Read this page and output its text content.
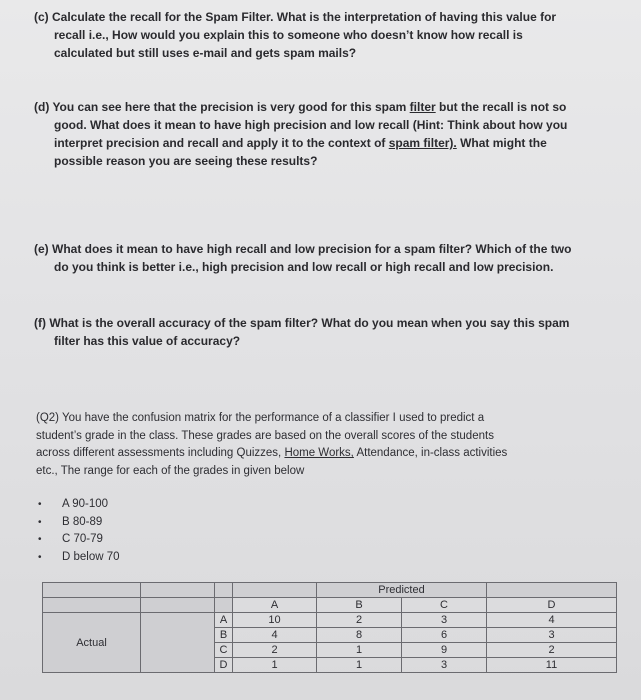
(c) Calculate the recall for the Spam Filter. What is the interpretation of having this value for

recall i.e., How would you explain this to someone who doesn’t know how recall is

calculated but still uses e-mail and gets spam mails?

(d) You can see here that the precision is very good for this spam filter but the recall is not so

good. What does it mean to have high precision and low recall (Hint: Think about how you

interpret precision and recall and apply it to the context of spam filter). What might the

possible reason you are seeing these results?

(e) What does it mean to have high recall and low precision for a spam filter? Which of the two

do you think is better i.e., high precision and low recall or high recall and low precision.

(f) What is the overall accuracy of the spam filter? What do you mean when you say this spam

filter has this value of accuracy?

(Q2) You have the confusion matrix for the performance of a classifier I used to predict a

student’s grade in the class. These grades are based on the overall scores of the students

across different assessments including Quizzes, Home Works, Attendance, in-class activities

etc., The range for each of the grades in given below

•	A 90-100
•	B 80-89
•	C 70-79
•	D below 70
				Predicted		
			A	B	C	D
Actual		A	10	2	3	4
		B	4	8	6	3
		C	2	1	9	2
		D	1	1	3	11
